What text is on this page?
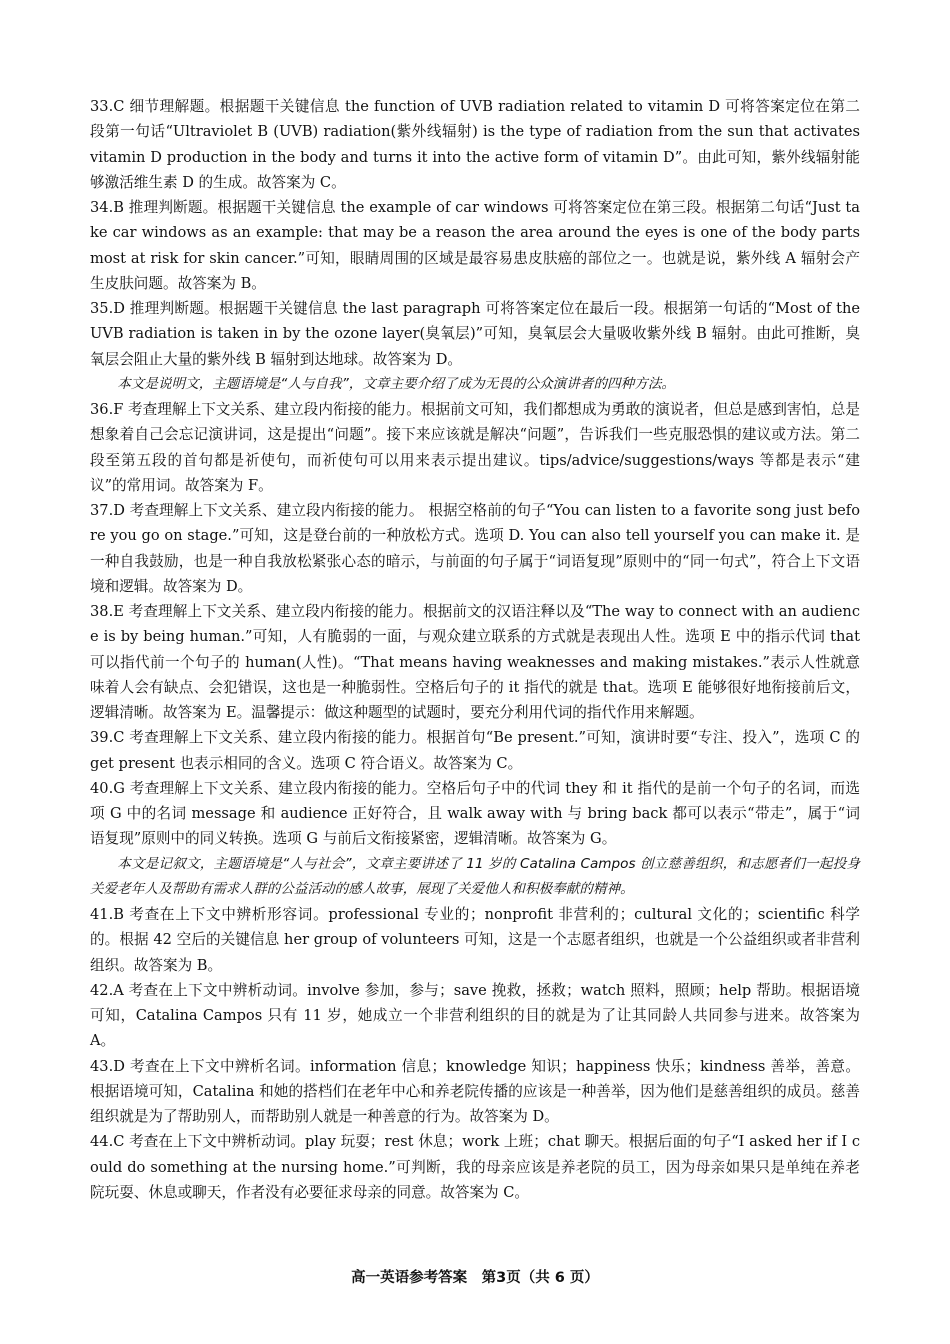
33.C 细节理解题。根据题干关键信息 the function of UVB radiation related to vitamin D 可将答案定位在第二段第一句话“Ultraviolet B (UVB) radiation(紫外线辐射) is the type of radiation from the sun that activates vitamin D production in the body and turns it into the active form of vitamin D”。由此可知，紫外线辐射能够激活维生素 D 的生成。故答案为 C。

34.B 推理判断题。根据题干关键信息 the example of car windows 可将答案定位在第三段。根据第二句话“Just take car windows as an example: that may be a reason the area around the eyes is one of the body parts most at risk for skin cancer.”可知，眼睛周围的区域是最容易患皮肤癌的部位之一。也就是说，紫外线 A 辐射会产生皮肤问题。故答案为 B。

35.D 推理判断题。根据题干关键信息 the last paragraph 可将答案定位在最后一段。根据第一句话的“Most of the UVB radiation is taken in by the ozone layer(臭氧层)”可知，臭氧层会大量吸收紫外线 B 辐射。由此可推断，臭氧层会阻止大量的紫外线 B 辐射到达地球。故答案为 D。

本文是说明文，主题语境是“人与自我”，文章主要介绍了成为无畏的公众演讲者的四种方法。

36.F 考查理解上下文关系、建立段内衔接的能力。根据前文可知，我们都想成为勇敢的演说者，但总是感到害怕，总是想象着自己会忘记演讲词，这是提出“问题”。接下来应该就是解决“问题”，告诉我们一些克服恐惧的建议或方法。第二段至第五段的首句都是祈使句，而祈使句可以用来表示提出建议。tips/advice/suggestions/ways 等都是表示“建议”的常用词。故答案为 F。

37.D 考查理解上下文关系、建立段内衔接的能力。 根据空格前的句子“You can listen to a favorite song just before you go on stage.”可知，这是登台前的一种放松方式。选项 D. You can also tell yourself you can make it. 是一种自我鼓励，也是一种自我放松紧张心态的暗示，与前面的句子属于“词语复现”原则中的“同一句式”，符合上下文语境和逻辑。故答案为 D。

38.E 考查理解上下文关系、建立段内衔接的能力。根据前文的汉语注释以及“The way to connect with an audience is by being human.”可知，人有脆弱的一面，与观众建立联系的方式就是表现出人性。选项 E 中的指示代词 that 可以指代前一个句子的 human(人性)。“That means having weaknesses and making mistakes.”表示人性就意味着人会有缺点、会犯错误，这也是一种脆弱性。空格后句子的 it 指代的就是 that。选项 E 能够很好地衔接前后文，逻辑清晰。故答案为 E。温馨提示：做这种题型的试题时，要充分利用代词的指代作用来解题。

39.C 考查理解上下文关系、建立段内衔接的能力。根据首句“Be present.”可知，演讲时要“专注、投入”，选项 C 的 get present 也表示相同的含义。选项 C 符合语义。故答案为 C。

40.G 考查理解上下文关系、建立段内衔接的能力。空格后句子中的代词 they 和 it 指代的是前一个句子的名词，而选项 G 中的名词 message 和 audience 正好符合，且 walk away with 与 bring back 都可以表示“带走”，属于“词语复现”原则中的同义转换。选项 G 与前后文衔接紧密，逻辑清晰。故答案为 G。

本文是记叙文，主题语境是“人与社会”，文章主要讲述了 11 岁的 Catalina Campos 创立慈善组织，和志愿者们一起投身关爱老年人及帮助有需求人群的公益活动的感人故事，展现了关爱他人和积极奉献的精神。

41.B 考查在上下文中辨析形容词。professional 专业的；nonprofit 非营利的；cultural 文化的；scientific 科学的。根据 42 空后的关键信息 her group of volunteers 可知，这是一个志愿者组织，也就是一个公益组织或者非营利组织。故答案为 B。

42.A 考查在上下文中辨析动词。involve 参加，参与；save 挽救，拯救；watch 照料，照顾；help 帮助。根据语境可知，Catalina Campos 只有 11 岁，她成立一个非营利组织的目的就是为了让其同龄人共同参与进来。故答案为 A。

43.D 考查在上下文中辨析名词。information 信息；knowledge 知识；happiness 快乐；kindness 善举，善意。根据语境可知，Catalina 和她的搭档们在老年中心和养老院传播的应该是一种善举，因为他们是慈善组织的成员。慈善组织就是为了帮助别人，而帮助别人就是一种善意的行为。故答案为 D。

44.C 考查在上下文中辨析动词。play 玩耍；rest 休息；work 上班；chat 聊天。根据后面的句子“I asked her if I could do something at the nursing home.”可判断，我的母亲应该是养老院的员工，因为母亲如果只是单纯在养老院玩耍、休息或聊天，作者没有必要征求母亲的同意。故答案为 C。

高一英语参考答案　第3页（共 6 页）
